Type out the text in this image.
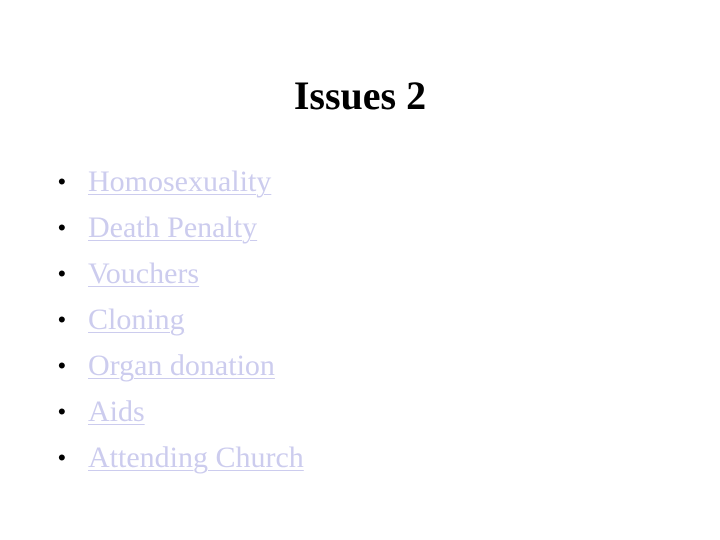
Issues 2
• Homosexuality
• Death Penalty
• Vouchers
• Cloning
• Organ donation
• Aids
• Attending Church
